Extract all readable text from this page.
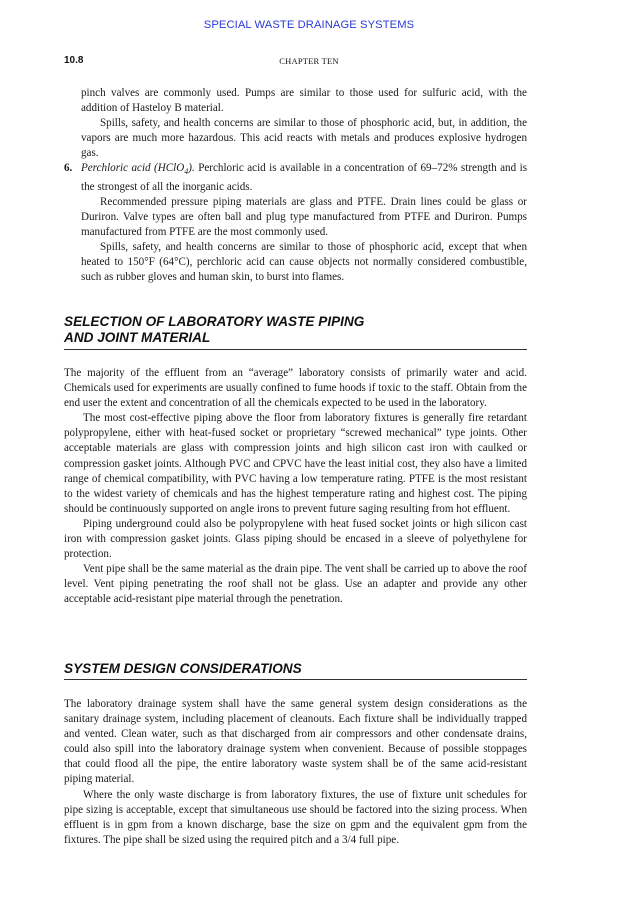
SPECIAL WASTE DRAINAGE SYSTEMS
10.8	CHAPTER TEN

pinch valves are commonly used. Pumps are similar to those used for sulfuric acid, with the addition of Hasteloy B material.

Spills, safety, and health concerns are similar to those of phosphoric acid, but, in addition, the vapors are much more hazardous. This acid reacts with metals and produces explosive hydrogen gas.

6. Perchloric acid (HClO$_4$). Perchloric acid is available in a concentration of 69–72% strength and is the strongest of all the inorganic acids.

Recommended pressure piping materials are glass and PTFE. Drain lines could be glass or Duriron. Valve types are often ball and plug type manufactured from PTFE and Duriron. Pumps manufactured from PTFE are the most commonly used.

Spills, safety, and health concerns are similar to those of phosphoric acid, except that when heated to 150°F (64°C), perchloric acid can cause objects not normally considered combustible, such as rubber gloves and human skin, to burst into flames.

SELECTION OF LABORATORY WASTE PIPING
AND JOINT MATERIAL

The majority of the effluent from an “average” laboratory consists of primarily water and acid. Chemicals used for experiments are usually confined to fume hoods if toxic to the staff. Obtain from the end user the extent and concentration of all the chemicals expected to be used in the laboratory.

The most cost-effective piping above the floor from laboratory fixtures is generally fire retardant polypropylene, either with heat-fused socket or proprietary “screwed mechanical” type joints. Other acceptable materials are glass with compression joints and high silicon cast iron with caulked or compression gasket joints. Although PVC and CPVC have the least initial cost, they also have a limited range of chemical compatibility, with PVC having a low temperature rating. PTFE is the most resistant to the widest variety of chemicals and has the highest temperature rating and highest cost. The piping should be continuously supported on angle irons to prevent future saging resulting from hot effluent.

Piping underground could also be polypropylene with heat fused socket joints or high silicon cast iron with compression gasket joints. Glass piping should be encased in a sleeve of polyethylene for protection.

Vent pipe shall be the same material as the drain pipe. The vent shall be carried up to above the roof level. Vent piping penetrating the roof shall not be glass. Use an adapter and provide any other acceptable acid-resistant pipe material through the penetration.

SYSTEM DESIGN CONSIDERATIONS

The laboratory drainage system shall have the same general system design considerations as the sanitary drainage system, including placement of cleanouts. Each fixture shall be individually trapped and vented. Clean water, such as that discharged from air compressors and other condensate drains, could also spill into the laboratory drainage system when convenient. Because of possible stoppages that could flood all the pipe, the entire laboratory waste system shall be of the same acid-resistant piping material.

Where the only waste discharge is from laboratory fixtures, the use of fixture unit schedules for pipe sizing is acceptable, except that simultaneous use should be factored into the sizing process. When effluent is in gpm from a known discharge, base the size on gpm and the equivalent gpm from the fixtures. The pipe shall be sized using the required pitch and a 3/4 full pipe.
